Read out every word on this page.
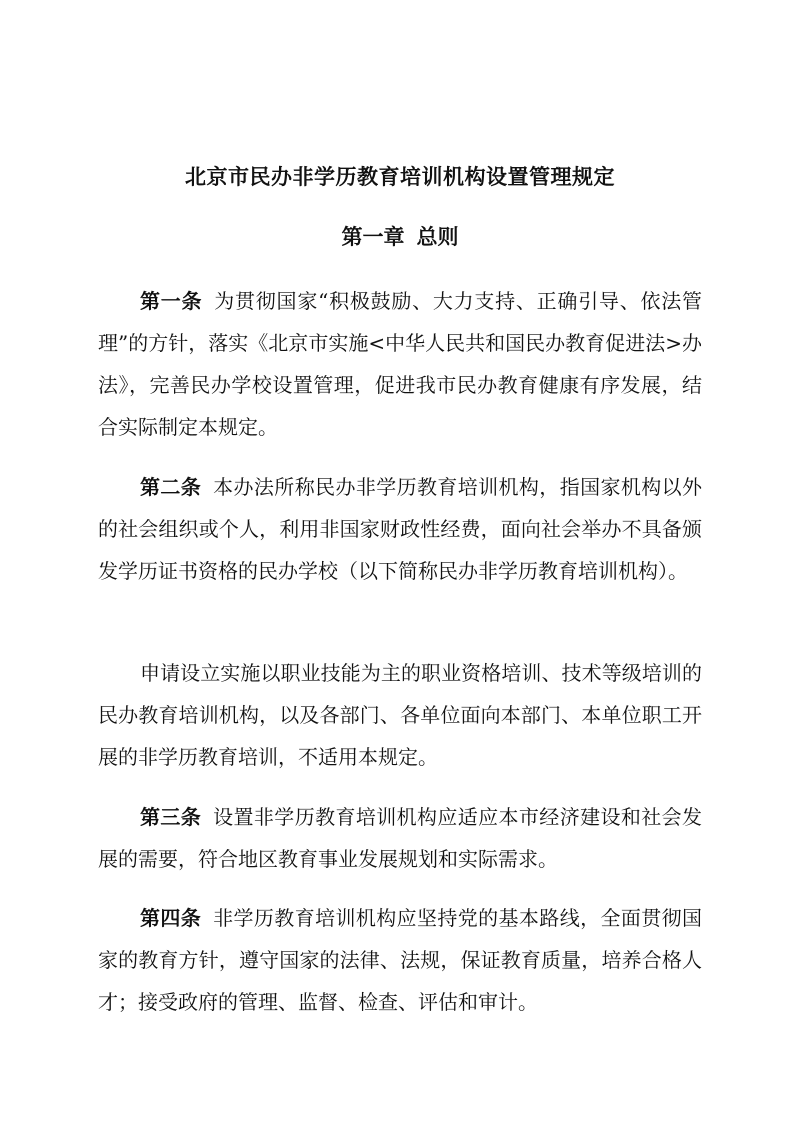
北京市民办非学历教育培训机构设置管理规定
第一章 总则

第一条 为贯彻国家“积极鼓励、大力支持、正确引导、依法管理”的方针，落实《北京市实施<中华人民共和国民办教育促进法>办法》，完善民办学校设置管理，促进我市民办教育健康有序发展，结合实际制定本规定。

第二条 本办法所称民办非学历教育培训机构，指国家机构以外的社会组织或个人，利用非国家财政性经费，面向社会举办不具备颁发学历证书资格的民办学校（以下简称民办非学历教育培训机构）。

申请设立实施以职业技能为主的职业资格培训、技术等级培训的民办教育培训机构，以及各部门、各单位面向本部门、本单位职工开展的非学历教育培训，不适用本规定。

第三条 设置非学历教育培训机构应适应本市经济建设和社会发展的需要，符合地区教育事业发展规划和实际需求。

第四条 非学历教育培训机构应坚持党的基本路线，全面贯彻国家的教育方针，遵守国家的法律、法规，保证教育质量，培养合格人才；接受政府的管理、监督、检查、评估和审计。
